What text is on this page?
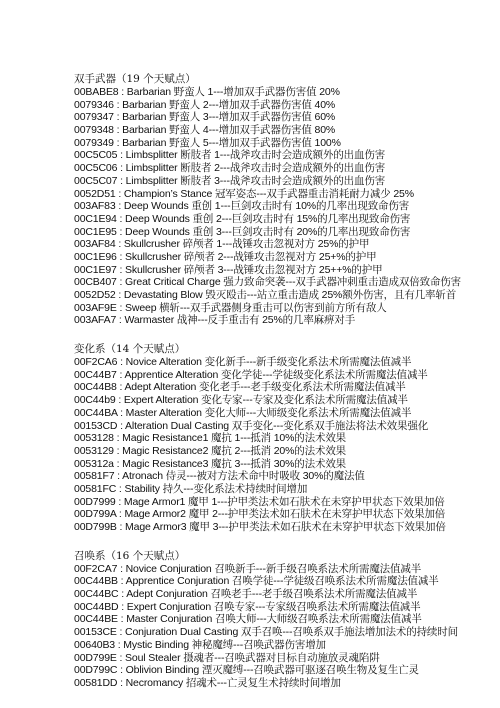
双手武器（19 个天赋点）
00BABE8 : Barbarian 野蛮人 1---增加双手武器伤害值 20%
0079346 : Barbarian 野蛮人 2---增加双手武器伤害值 40%
0079347 : Barbarian 野蛮人 3---增加双手武器伤害值 60%
0079348 : Barbarian 野蛮人 4---增加双手武器伤害值 80%
0079349 : Barbarian 野蛮人 5---增加双手武器伤害值 100%
00C5C05 : Limbsplitter 断肢者 1---战斧攻击时会造成额外的出血伤害
00C5C06 : Limbsplitter 断肢者 2---战斧攻击时会造成额外的出血伤害
00C5C07 : Limbsplitter 断肢者 3---战斧攻击时会造成额外的出血伤害
0052D51 : Champion’s Stance 冠军姿态---双手武器重击消耗耐力减少 25%
003AF83 : Deep Wounds 重创 1---巨剑攻击时有 10%的几率出现致命伤害
00C1E94 : Deep Wounds 重创 2---巨剑攻击时有 15%的几率出现致命伤害
00C1E95 : Deep Wounds 重创 3---巨剑攻击时有 20%的几率出现致命伤害
003AF84 : Skullcrusher 碎颅者 1---战锤攻击忽视对方 25%的护甲
00C1E96 : Skullcrusher 碎颅者 2---战锤攻击忽视对方 25+%的护甲
00C1E97 : Skullcrusher 碎颅者 3---战锤攻击忽视对方 25++%的护甲
00CB407 : Great Critical Charge 强力致命突袭---双手武器冲刺重击造成双倍致命伤害
0052D52 : Devastating Blow 毁灭殴击---站立重击造成 25%额外伤害，且有几率斩首
003AF9E : Sweep 横斩---双手武器侧身重击可以伤害到前方所有敌人
003AFA7 : Warmaster 战神---反手重击有 25%的几率麻痹对手
变化系（14 个天赋点）
00F2CA6 : Novice Alteration 变化新手---新手级变化系法术所需魔法值减半
00C44B7 : Apprentice Alteration 变化学徒---学徒级变化系法术所需魔法值减半
00C44B8 : Adept Alteration 变化老手---老手级变化系法术所需魔法值减半
00C44b9 : Expert Alteration 变化专家---专家及变化系法术所需魔法值减半
00C44BA : Master Alteration 变化大师---大师级变化系法术所需魔法值减半
00153CD : Alteration Dual Casting 双手变化---变化系双手施法将法术效果强化
0053128 : Magic Resistance1 魔抗 1---抵消 10%的法术效果
0053129 : Magic Resistance2 魔抗 2---抵消 20%的法术效果
005312a : Magic Resistance3 魔抗 3---抵消 30%的法术效果
00581F7 : Atronach 侍灵---被对方法术命中时吸收 30%的魔法值
00581FC : Stability 持久---变化系法术持续时间增加
00D7999 : Mage Armor1 魔甲 1---护甲类法术如石肤术在未穿护甲状态下效果加倍
00D799A : Mage Armor2 魔甲 2---护甲类法术如石肤术在未穿护甲状态下效果加倍
00D799B : Mage Armor3 魔甲 3---护甲类法术如石肤术在未穿护甲状态下效果加倍
召唤系（16 个天赋点）
00F2CA7 : Novice Conjuration 召唤新手---新手级召唤系法术所需魔法值减半
00C44BB : Apprentice Conjuration 召唤学徒---学徒级召唤系法术所需魔法值减半
00C44BC : Adept Conjuration 召唤老手---老手级召唤系法术所需魔法值减半
00C44BD : Expert Conjuration 召唤专家---专家级召唤系法术所需魔法值减半
00C44BE : Master Conjuration 召唤大师---大师级召唤系法术所需魔法值减半
00153CE : Conjuration Dual Casting 双手召唤---召唤系双手施法增加法术的持续时间
00640B3 : Mystic Binding 神秘魔缚---召唤武器伤害增加
00D799E : Soul Stealer 摄魂者---召唤武器对目标自动施放灵魂陷阱
00D799C : Oblivion Binding 湮灭魔缚---召唤武器可驱逐召唤生物及复生亡灵
00581DD : Necromancy 招魂术---亡灵复生术持续时间增加
